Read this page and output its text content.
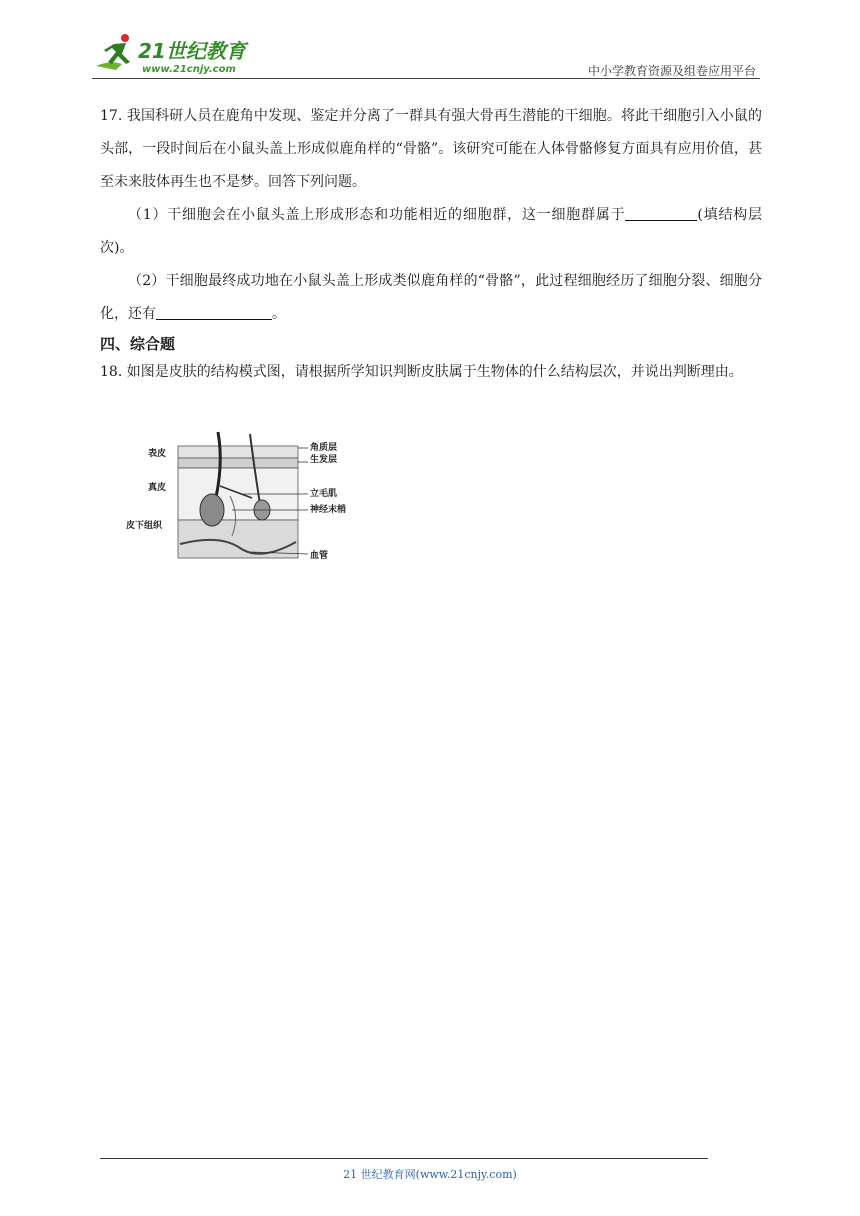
21世纪教育
www.21cnjy.com	中小学教育资源及组卷应用平台

17. 我国科研人员在鹿角中发现、鉴定并分离了一群具有强大骨再生潜能的干细胞。将此干细胞引入小鼠的头部，一段时间后在小鼠头盖上形成似鹿角样的“骨骼”。该研究可能在人体骨骼修复方面具有应用价值，甚至未来肢体再生也不是梦。回答下列问题。

（1）干细胞会在小鼠头盖上形成形态和功能相近的细胞群，这一细胞群属于	(填结构层次)。

（2）干细胞最终成功地在小鼠头盖上形成类似鹿角样的“骨骼”，此过程细胞经历了细胞分裂、细胞分化，还有	。

四、综合题

18. 如图是皮肤的结构模式图，请根据所学知识判断皮肤属于生物体的什么结构层次，并说出判断理由。

表皮
真皮
皮下组织
角质层
生发层
立毛肌
神经末梢
血管
21 世纪教育网(www.21cnjy.com)
